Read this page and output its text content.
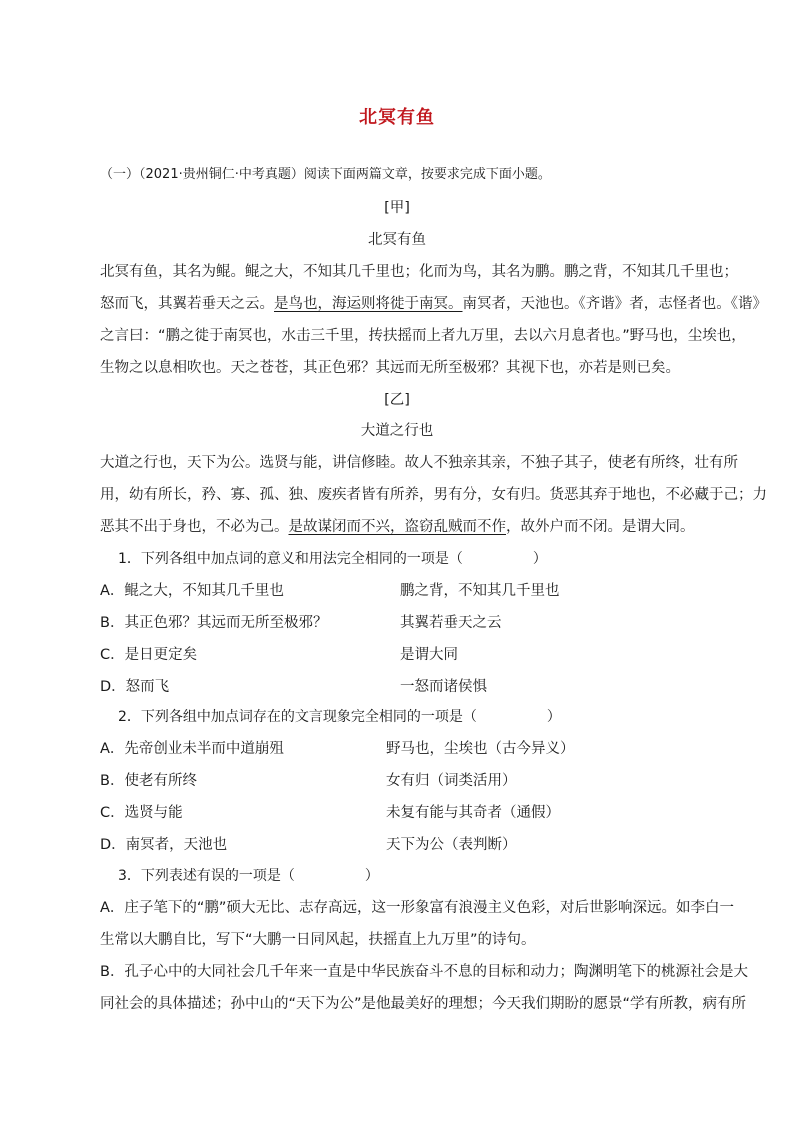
北冥有鱼
（一）（2021·贵州铜仁·中考真题）阅读下面两篇文章，按要求完成下面小题。
[甲]
北冥有鱼
北冥有鱼，其名为鲲。鲲之大，不知其几千里也；化而为鸟，其名为鹏。鹏之背，不知其几千里也；
怒而飞，其翼若垂天之云。是鸟也，海运则将徙于南冥。南冥者，天池也。《齐谐》者，志怪者也。《谐》
之言曰：“鹏之徙于南冥也，水击三千里，抟扶摇而上者九万里，去以六月息者也。”野马也，尘埃也，
生物之以息相吹也。天之苍苍，其正色邪？其远而无所至极邪？其视下也，亦若是则已矣。
[乙]
大道之行也
大道之行也，天下为公。选贤与能，讲信修睦。故人不独亲其亲，不独子其子，使老有所终，壮有所
用，幼有所长，矜、寡、孤、独、废疾者皆有所养，男有分，女有归。货恶其弃于地也，不必藏于己；力
恶其不出于身也，不必为己。是故谋闭而不兴，盗窃乱贼而不作，故外户而不闭。是谓大同。
1．下列各组中加点词的意义和用法完全相同的一项是（　　　　　）
A．鲲之大，不知其几千里也	鹏之背，不知其几千里也
B．其正色邪？其远而无所至极邪？	其翼若垂天之云
C．是日更定矣	是谓大同
D．怒而飞	一怒而诸侯惧
2．下列各组中加点词存在的文言现象完全相同的一项是（　　　　　）
A．先帝创业未半而中道崩殂	野马也，尘埃也（古今异义）
B．使老有所终	女有归（词类活用）
C．选贤与能	未复有能与其奇者（通假）
D．南冥者，天池也	天下为公（表判断）
3．下列表述有误的一项是（　　　　　）
A．庄子笔下的“鹏”硕大无比、志存高远，这一形象富有浪漫主义色彩，对后世影响深远。如李白一
生常以大鹏自比，写下“大鹏一日同风起，扶摇直上九万里”的诗句。
B．孔子心中的大同社会几千年来一直是中华民族奋斗不息的目标和动力；陶渊明笔下的桃源社会是大
同社会的具体描述；孙中山的“天下为公”是他最美好的理想；今天我们期盼的愿景“学有所教，病有所
